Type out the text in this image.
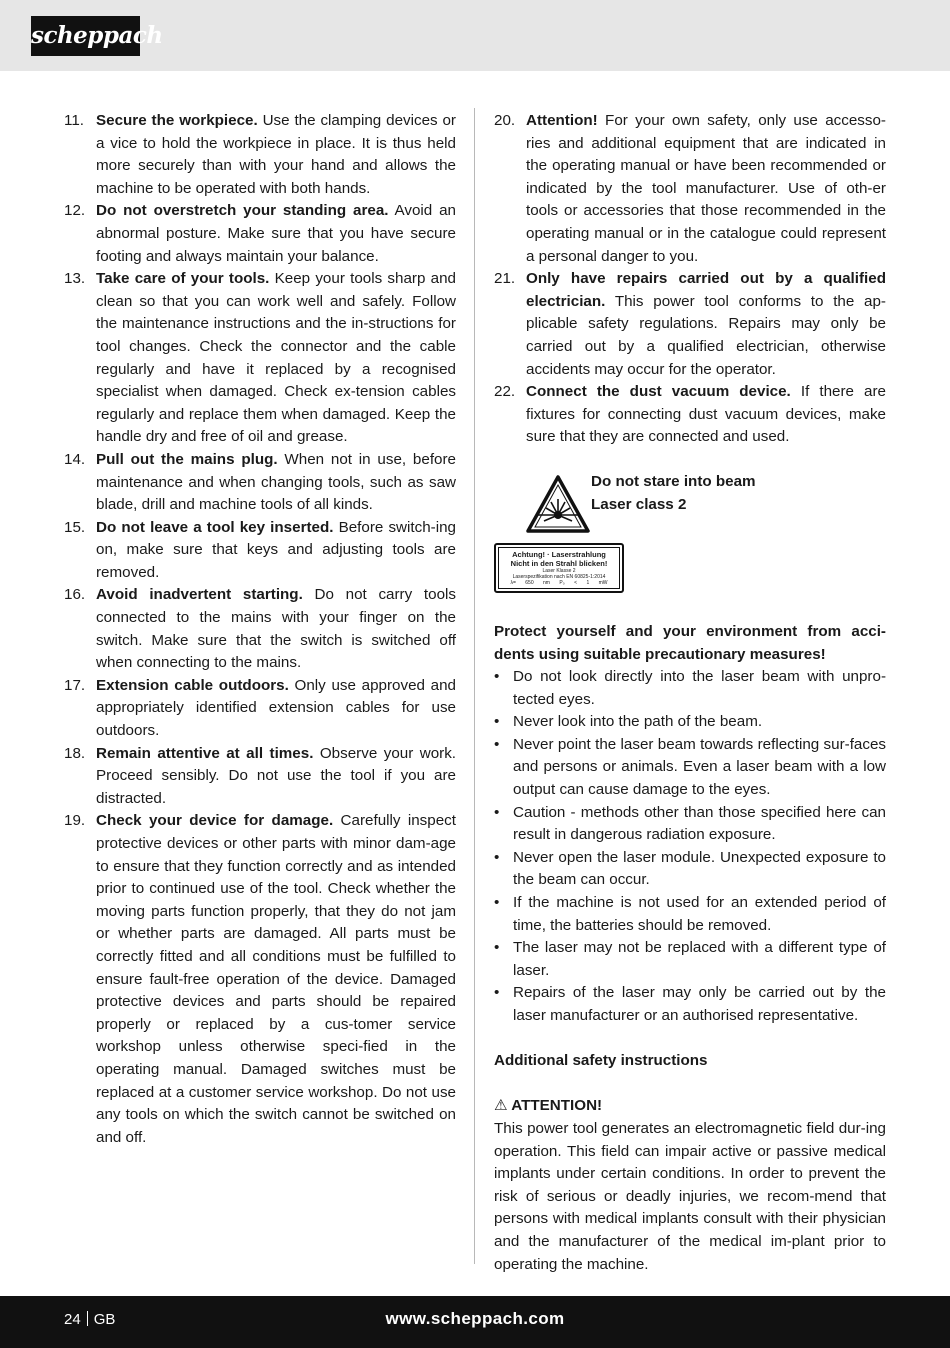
scheppach
11. Secure the workpiece. Use the clamping devices or a vice to hold the workpiece in place. It is thus held more securely than with your hand and allows the machine to be operated with both hands.
12. Do not overstretch your standing area. Avoid an abnormal posture. Make sure that you have secure footing and always maintain your balance.
13. Take care of your tools. Keep your tools sharp and clean so that you can work well and safely. Follow the maintenance instructions and the in-structions for tool changes. Check the connector and the cable regularly and have it replaced by a recognised specialist when damaged. Check ex-tension cables regularly and replace them when damaged. Keep the handle dry and free of oil and grease.
14. Pull out the mains plug. When not in use, before maintenance and when changing tools, such as saw blade, drill and machine tools of all kinds.
15. Do not leave a tool key inserted. Before switch-ing on, make sure that keys and adjusting tools are removed.
16. Avoid inadvertent starting. Do not carry tools connected to the mains with your finger on the switch. Make sure that the switch is switched off when connecting to the mains.
17. Extension cable outdoors. Only use approved and appropriately identified extension cables for use outdoors.
18. Remain attentive at all times. Observe your work. Proceed sensibly. Do not use the tool if you are distracted.
19. Check your device for damage. Carefully inspect protective devices or other parts with minor dam-age to ensure that they function correctly and as intended prior to continued use of the tool. Check whether the moving parts function properly, that they do not jam or whether parts are damaged. All parts must be correctly fitted and all conditions must be fulfilled to ensure fault-free operation of the device. Damaged protective devices and parts should be repaired properly or replaced by a cus-tomer service workshop unless otherwise speci-fied in the operating manual. Damaged switches must be replaced at a customer service workshop. Do not use any tools on which the switch cannot be switched on and off.
20. Attention! For your own safety, only use accesso-ries and additional equipment that are indicated in the operating manual or have been recommended or indicated by the tool manufacturer. Use of oth-er tools or accessories that those recommended in the operating manual or in the catalogue could represent a personal danger to you.
21. Only have repairs carried out by a qualified electrician. This power tool conforms to the ap-plicable safety regulations. Repairs may only be carried out by a qualified electrician, otherwise accidents may occur for the operator.
22. Connect the dust vacuum device. If there are fixtures for connecting dust vacuum devices, make sure that they are connected and used.
Do not stare into beam
Laser class 2
Achtung! · Laserstrahlung
Nicht in den Strahl blicken!
Laser Klasse 2
Laserspezifikation nach EN 60825-1:2014
λ= 650 nm P₀ < 1 mW
Protect yourself and your environment from acci-dents using suitable precautionary measures!
• Do not look directly into the laser beam with unpro-tected eyes.
• Never look into the path of the beam.
• Never point the laser beam towards reflecting sur-faces and persons or animals. Even a laser beam with a low output can cause damage to the eyes.
• Caution - methods other than those specified here can result in dangerous radiation exposure.
• Never open the laser module. Unexpected exposure to the beam can occur.
• If the machine is not used for an extended period of time, the batteries should be removed.
• The laser may not be replaced with a different type of laser.
• Repairs of the laser may only be carried out by the laser manufacturer or an authorised representative.
Additional safety instructions
⚠ ATTENTION!
This power tool generates an electromagnetic field dur-ing operation. This field can impair active or passive medical implants under certain conditions. In order to prevent the risk of serious or deadly injuries, we recom-mend that persons with medical implants consult with their physician and the manufacturer of the medical im-plant prior to operating the machine.
24 GB	www.scheppach.com
